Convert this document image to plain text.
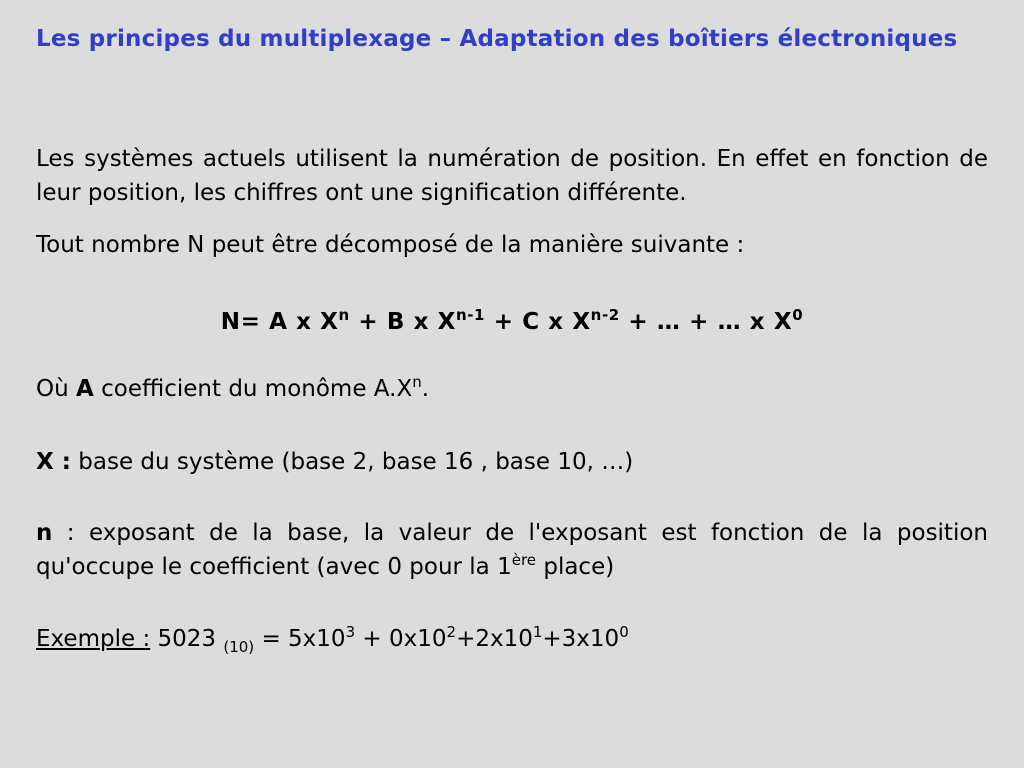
Les principes du multiplexage – Adaptation des boîtiers électroniques
Les systèmes actuels utilisent la numération de position. En effet en fonction de leur position, les chiffres ont une signification différente.
Tout nombre N peut être décomposé de la manière suivante :
N= A x $X^n + B$ x $X^{n-1} + C$ x $X^{n-2}$ + … + … x $X^0$
Où A coefficient du monôme $A.X^n$.
X : base du système (base 2, base 16 , base 10, …)
n : exposant de la base, la valeur de l'exposant est fonction de la position qu'occupe le coefficient (avec 0 pour la 1ère place)
Exemple : 5023 $_{(10)} = 5x10^3 + 0x10^2+2x10^1+3x10^0$
